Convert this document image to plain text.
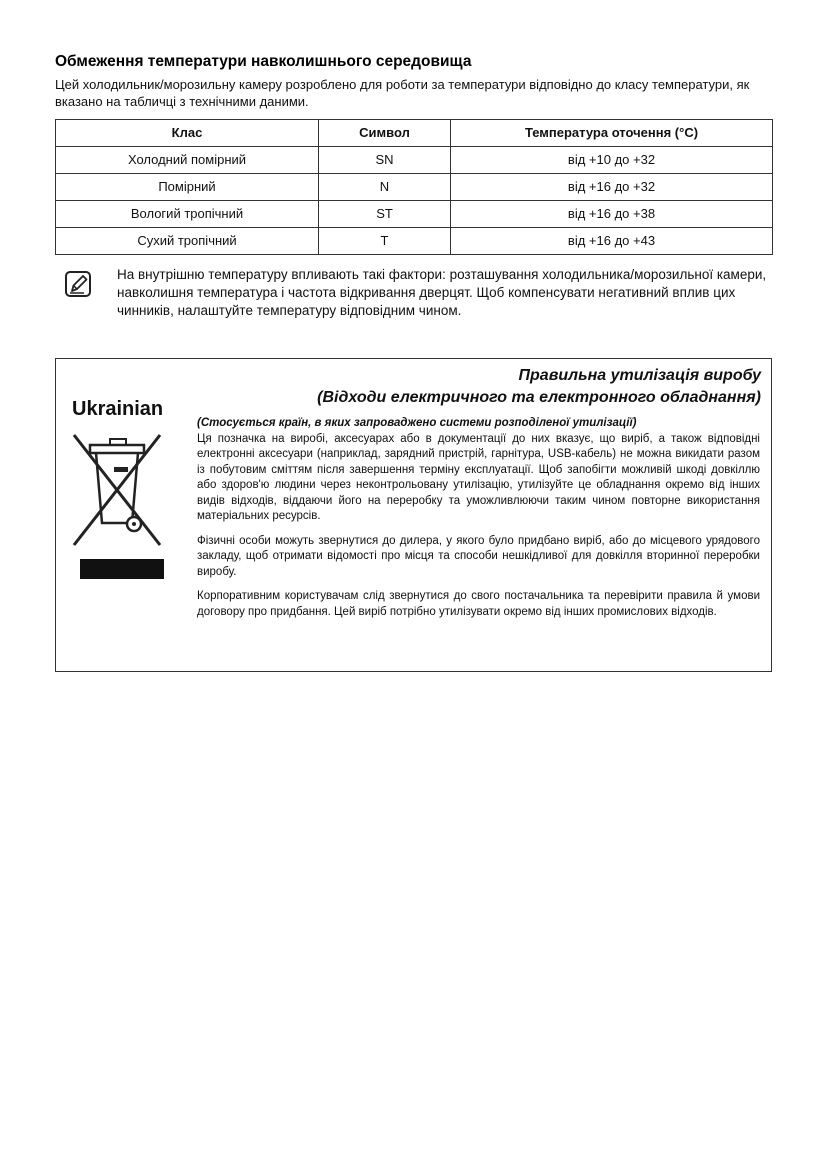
Обмеження температури навколишнього середовища

Цей холодильник/морозильну камеру розроблено для роботи за температури відповідно до класу температури, як вказано на табличці з технічними даними.

Клас	Символ	Температура оточення (°C)
Холодний помірний	SN	від +10 до +32
Помірний	N	від +16 до +32
Вологий тропічний	ST	від +16 до +38
Сухий тропічний	T	від +16 до +43

На внутрішню температуру впливають такі фактори: розташування холодильника/морозильної камери, навколишня температура і частота відкривання дверцят. Щоб компенсувати негативний вплив цих чинників, налаштуйте температуру відповідним чином.

Правильна утилізація виробу
(Відходи електричного та електронного обладнання)

Ukrainian

(Стосується країн, в яких запроваджено системи розподіленої утилізації)

Ця позначка на виробі, аксесуарах або в документації до них вказує, що виріб, а також відповідні електронні аксесуари (наприклад, зарядний пристрій, гарнітура, USB-кабель) не можна викидати разом із побутовим сміттям після завершення терміну експлуатації. Щоб запобігти можливій шкоді довкіллю або здоров'ю людини через неконтрольовану утилізацію, утилізуйте це обладнання окремо від інших видів відходів, віддаючи його на переробку та уможливлюючи таким чином повторне використання матеріальних ресурсів.

Фізичні особи можуть звернутися до дилера, у якого було придбано виріб, або до місцевого урядового закладу, щоб отримати відомості про місця та способи нешкідливої для довкілля вторинної переробки виробу.

Корпоративним користувачам слід звернутися до свого постачальника та перевірити правила й умови договору про придбання. Цей виріб потрібно утилізувати окремо від інших промислових відходів.
